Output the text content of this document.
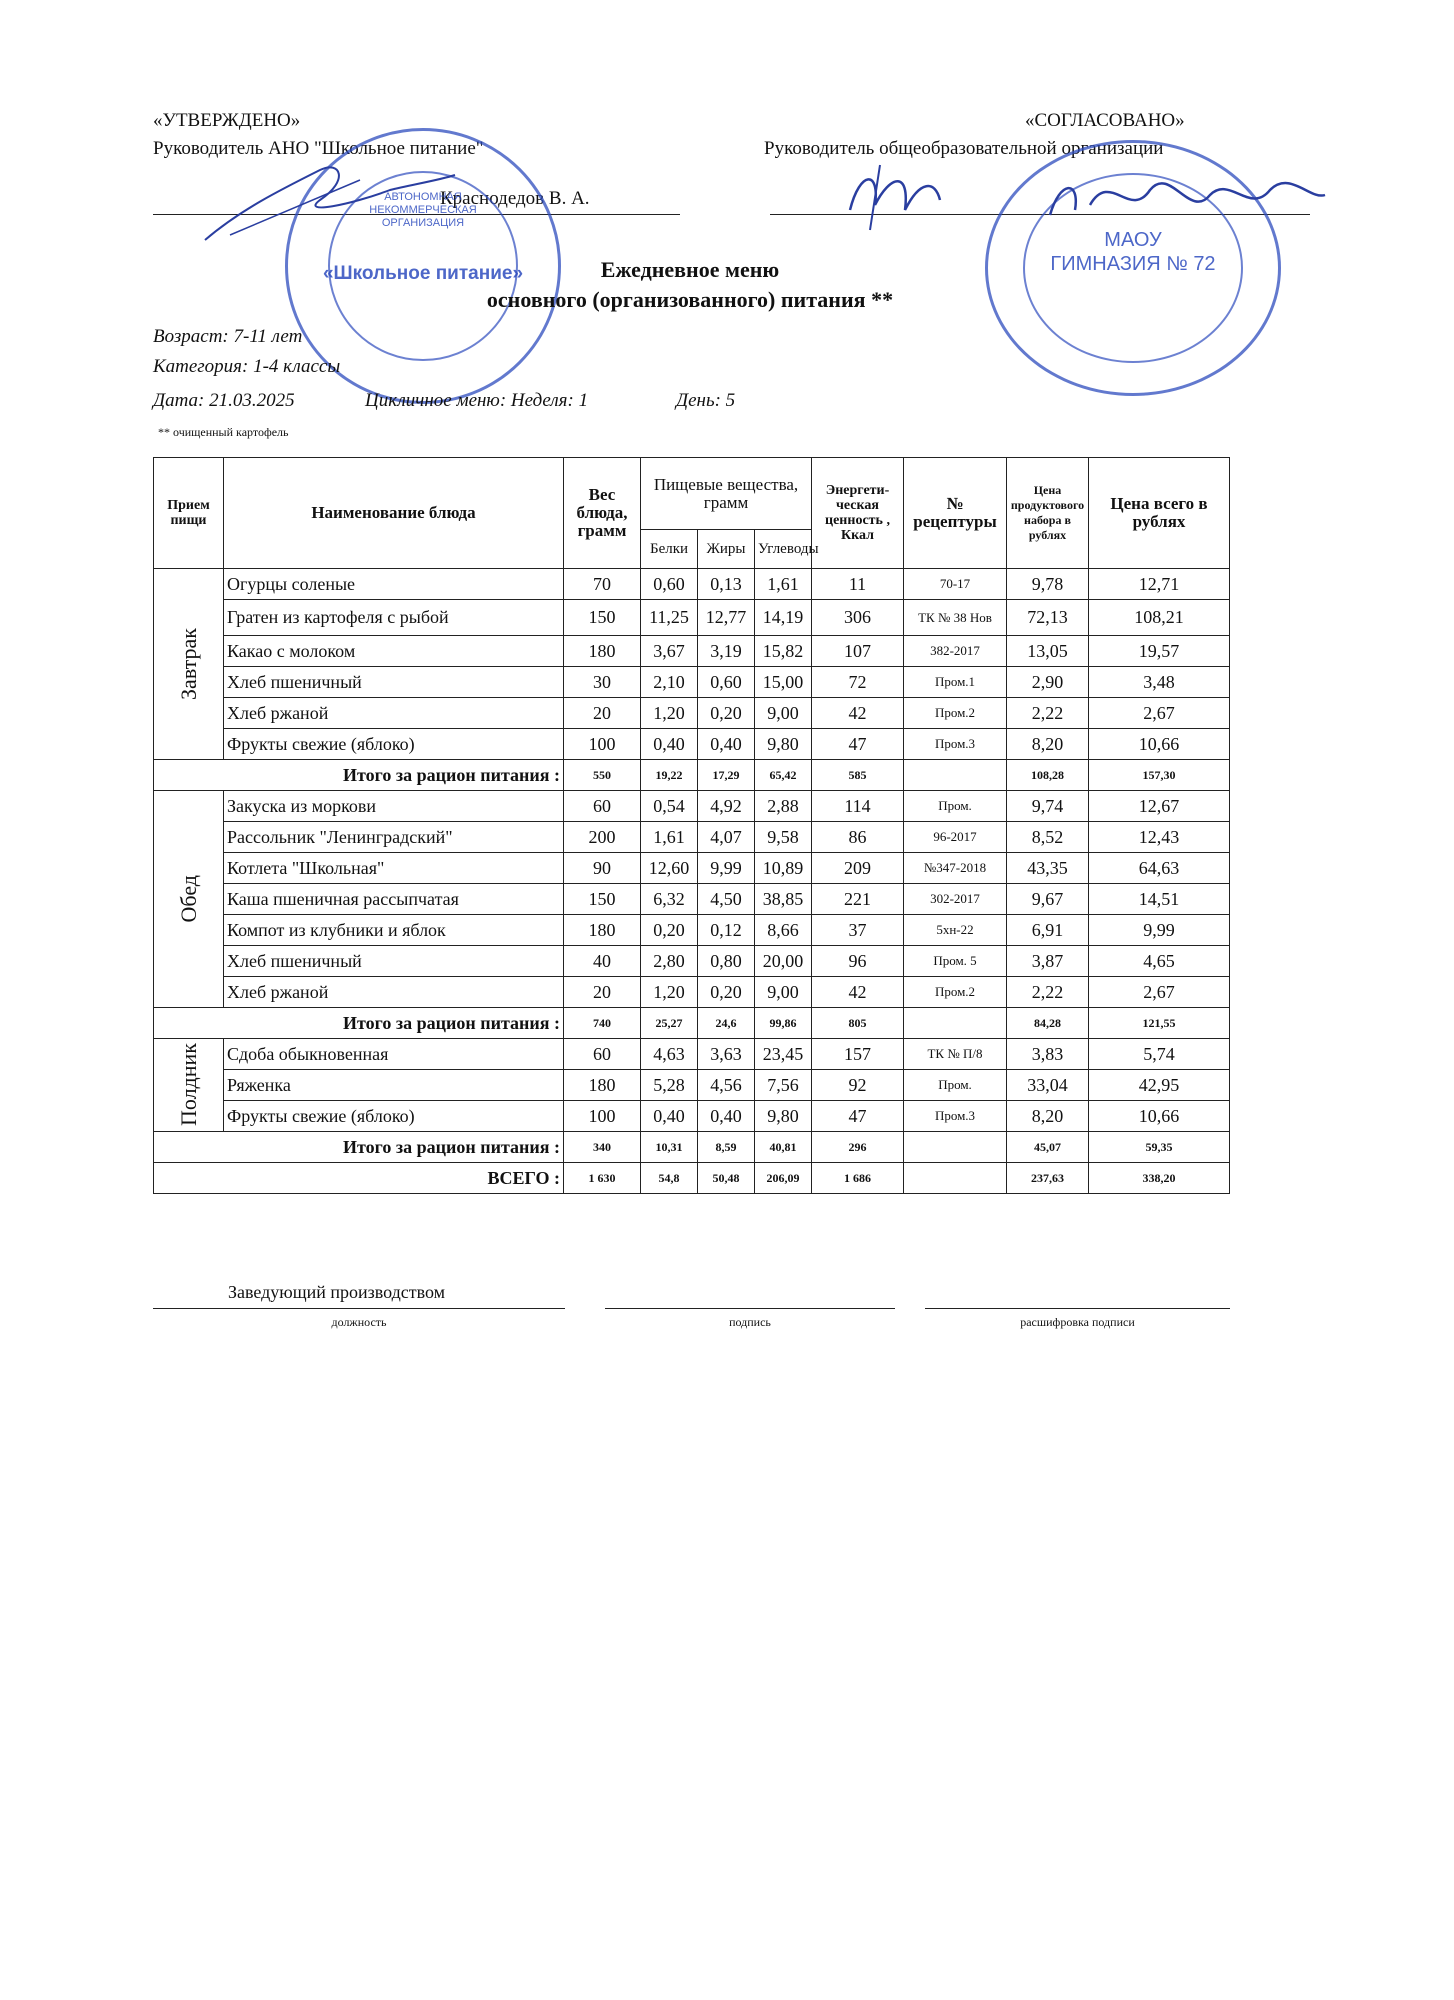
«УТВЕРЖДЕНО»
Руководитель АНО "Школьное питание"
Краснодедов В. А.
«СОГЛАСОВАНО»
Руководитель общеобразовательной организации
АВТОНОМНАЯ НЕКОММЕРЧЕСКАЯ ОРГАНИЗАЦИЯ
«Школьное питание»
МАОУ ГИМНАЗИЯ № 72
Ежедневное меню
основного (организованного) питания **
Возраст: 7-11 лет
Категория: 1-4 классы
Дата: 21.03.2025	Цикличное меню: Неделя: 1	День: 5
** очищенный картофель
Прием пищи	Наименование блюда	Вес блюда, грамм	Пищевые вещества, грамм			Энергети- ческая ценность , Ккал	№ рецептуры	Цена продуктового набора в рублях	Цена всего в рублях
			Белки	Жиры	Углеводы				

Завтрак	Огурцы соленые	70	0,60	0,13	1,61	11	70-17	9,78	12,71
	Гратен из картофеля с рыбой	150	11,25	12,77	14,19	306	ТК № 38 Нов	72,13	108,21
	Какао с молоком	180	3,67	3,19	15,82	107	382-2017	13,05	19,57
	Хлеб пшеничный	30	2,10	0,60	15,00	72	Пром.1	2,90	3,48
	Хлеб ржаной	20	1,20	0,20	9,00	42	Пром.2	2,22	2,67
	Фрукты свежие (яблоко)	100	0,40	0,40	9,80	47	Пром.3	8,20	10,66
	Итого за рацион питания :	550	19,22	17,29	65,42	585		108,28	157,30

Обед	Закуска из моркови	60	0,54	4,92	2,88	114	Пром.	9,74	12,67
	Рассольник "Ленинградский"	200	1,61	4,07	9,58	86	96-2017	8,52	12,43
	Котлета "Школьная"	90	12,60	9,99	10,89	209	№347-2018	43,35	64,63
	Каша пшеничная рассыпчатая	150	6,32	4,50	38,85	221	302-2017	9,67	14,51
	Компот из клубники и яблок	180	0,20	0,12	8,66	37	5хн-22	6,91	9,99
	Хлеб пшеничный	40	2,80	0,80	20,00	96	Пром. 5	3,87	4,65
	Хлеб ржаной	20	1,20	0,20	9,00	42	Пром.2	2,22	2,67
	Итого за рацион питания :	740	25,27	24,6	99,86	805		84,28	121,55

Полдник	Сдоба обыкновенная	60	4,63	3,63	23,45	157	ТК № П/8	3,83	5,74
	Ряженка	180	5,28	4,56	7,56	92	Пром.	33,04	42,95
	Фрукты свежие (яблоко)	100	0,40	0,40	9,80	47	Пром.3	8,20	10,66
	Итого за рацион питания :	340	10,31	8,59	40,81	296		45,07	59,35
ВСЕГО :		1 630	54,8	50,48	206,09	1 686		237,63	338,20
Заведующий производством
должность	подпись	расшифровка подписи
